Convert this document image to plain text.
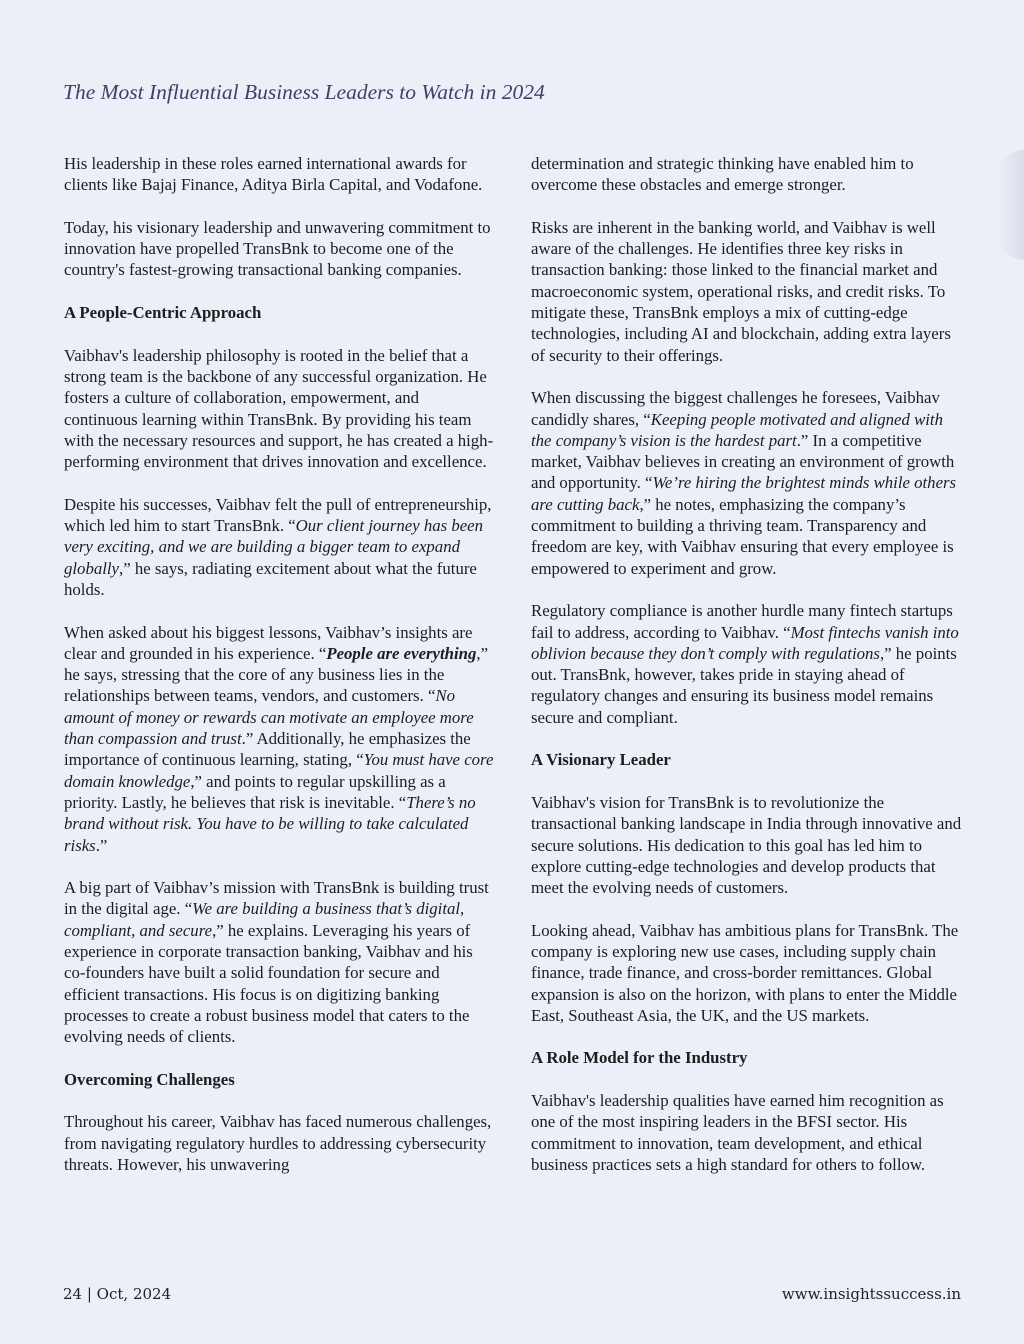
The Most Influential Business Leaders to Watch in 2024

His leadership in these roles earned international awards for clients like Bajaj Finance, Aditya Birla Capital, and Vodafone.

Today, his visionary leadership and unwavering commitment to innovation have propelled TransBnk to become one of the country's fastest-growing transactional banking companies.

A People-Centric Approach

Vaibhav's leadership philosophy is rooted in the belief that a strong team is the backbone of any successful organization. He fosters a culture of collaboration, empowerment, and continuous learning within TransBnk. By providing his team with the necessary resources and support, he has created a high-performing environment that drives innovation and excellence.

Despite his successes, Vaibhav felt the pull of entrepreneurship, which led him to start TransBnk. “Our client journey has been very exciting, and we are building a bigger team to expand globally,” he says, radiating excitement about what the future holds.

When asked about his biggest lessons, Vaibhav’s insights are clear and grounded in his experience. “People are everything,” he says, stressing that the core of any business lies in the relationships between teams, vendors, and customers. “No amount of money or rewards can motivate an employee more than compassion and trust.” Additionally, he emphasizes the importance of continuous learning, stating, “You must have core domain knowledge,” and points to regular upskilling as a priority. Lastly, he believes that risk is inevitable. “There’s no brand without risk. You have to be willing to take calculated risks.”

A big part of Vaibhav’s mission with TransBnk is building trust in the digital age. “We are building a business that’s digital, compliant, and secure,” he explains. Leveraging his years of experience in corporate transaction banking, Vaibhav and his co-founders have built a solid foundation for secure and efficient transactions. His focus is on digitizing banking processes to create a robust business model that caters to the evolving needs of clients.

Overcoming Challenges

Throughout his career, Vaibhav has faced numerous challenges, from navigating regulatory hurdles to addressing cybersecurity threats. However, his unwavering

determination and strategic thinking have enabled him to overcome these obstacles and emerge stronger.

Risks are inherent in the banking world, and Vaibhav is well aware of the challenges. He identifies three key risks in transaction banking: those linked to the financial market and macroeconomic system, operational risks, and credit risks. To mitigate these, TransBnk employs a mix of cutting-edge technologies, including AI and blockchain, adding extra layers of security to their offerings.

When discussing the biggest challenges he foresees, Vaibhav candidly shares, “Keeping people motivated and aligned with the company’s vision is the hardest part.” In a competitive market, Vaibhav believes in creating an environment of growth and opportunity. “We’re hiring the brightest minds while others are cutting back,” he notes, emphasizing the company’s commitment to building a thriving team. Transparency and freedom are key, with Vaibhav ensuring that every employee is empowered to experiment and grow.

Regulatory compliance is another hurdle many fintech startups fail to address, according to Vaibhav. “Most fintechs vanish into oblivion because they don’t comply with regulations,” he points out. TransBnk, however, takes pride in staying ahead of regulatory changes and ensuring its business model remains secure and compliant.

A Visionary Leader

Vaibhav's vision for TransBnk is to revolutionize the transactional banking landscape in India through innovative and secure solutions. His dedication to this goal has led him to explore cutting-edge technologies and develop products that meet the evolving needs of customers.

Looking ahead, Vaibhav has ambitious plans for TransBnk. The company is exploring new use cases, including supply chain finance, trade finance, and cross-border remittances. Global expansion is also on the horizon, with plans to enter the Middle East, Southeast Asia, the UK, and the US markets.

A Role Model for the Industry

Vaibhav's leadership qualities have earned him recognition as one of the most inspiring leaders in the BFSI sector. His commitment to innovation, team development, and ethical business practices sets a high standard for others to follow.

24 | Oct, 2024	www.insightssuccess.in
